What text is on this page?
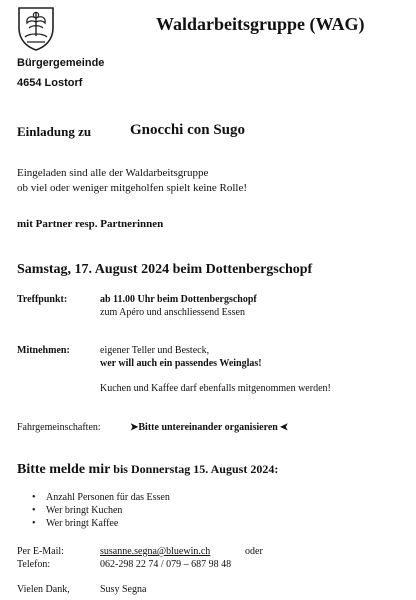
Waldarbeitsgruppe (WAG)
Bürgergemeinde
4654 Lostorf
Einladung zu	Gnocchi con Sugo
Eingeladen sind alle der Waldarbeitsgruppe
ob viel oder weniger mitgeholfen spielt keine Rolle!
mit Partner resp. Partnerinnen
Samstag, 17. August 2024 beim Dottenbergschopf
Treffpunkt:	ab 11.00 Uhr beim Dottenbergschopf
zum Apéro und anschliessend Essen
Mitnehmen:	eigener Teller und Besteck,
wer will auch ein passendes Weinglas!
Kuchen und Kaffee darf ebenfalls mitgenommen werden!
Fahrgemeinschaften:	➤Bitte untereinander organisieren ➤
Bitte melde mir bis Donnerstag 15. August 2024:
• Anzahl Personen für das Essen
• Wer bringt Kuchen
• Wer bringt Kaffee
Per E-Mail:	susanne.segna@bluewin.ch	oder
Telefon:	062-298 22 74 / 079 – 687 98 48
Vielen Dank,	Susy Segna
